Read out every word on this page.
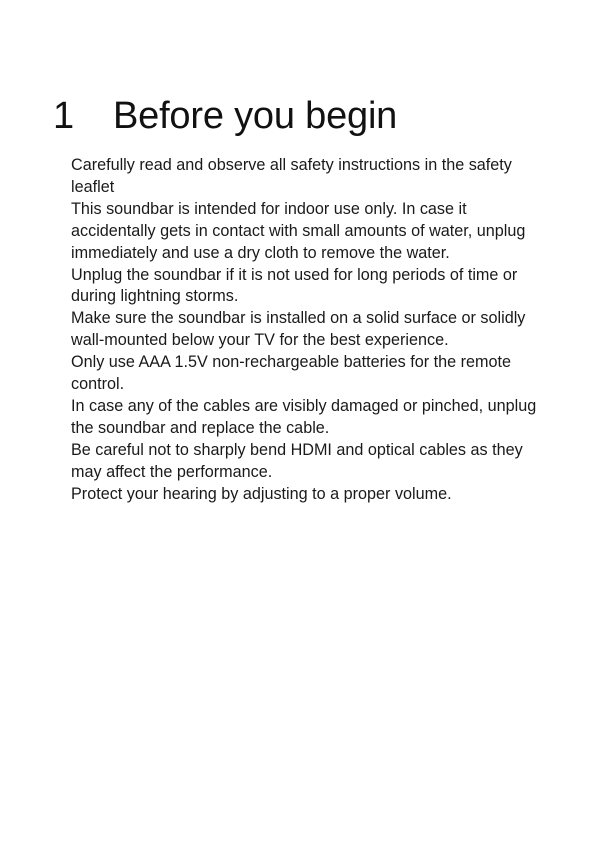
1	Before you begin

Carefully read and observe all safety instructions in the safety leaflet

This soundbar is intended for indoor use only. In case it accidentally gets in contact with small amounts of water, unplug immediately and use a dry cloth to remove the water.

Unplug the soundbar if it is not used for long periods of time or during lightning storms.

Make sure the soundbar is installed on a solid surface or solidly wall-mounted below your TV for the best experience.

Only use AAA 1.5V non-rechargeable batteries for the remote control.

In case any of the cables are visibly damaged or pinched, unplug the soundbar and replace the cable.

Be careful not to sharply bend HDMI and optical cables as they may affect the performance.

Protect your hearing by adjusting to a proper volume.
